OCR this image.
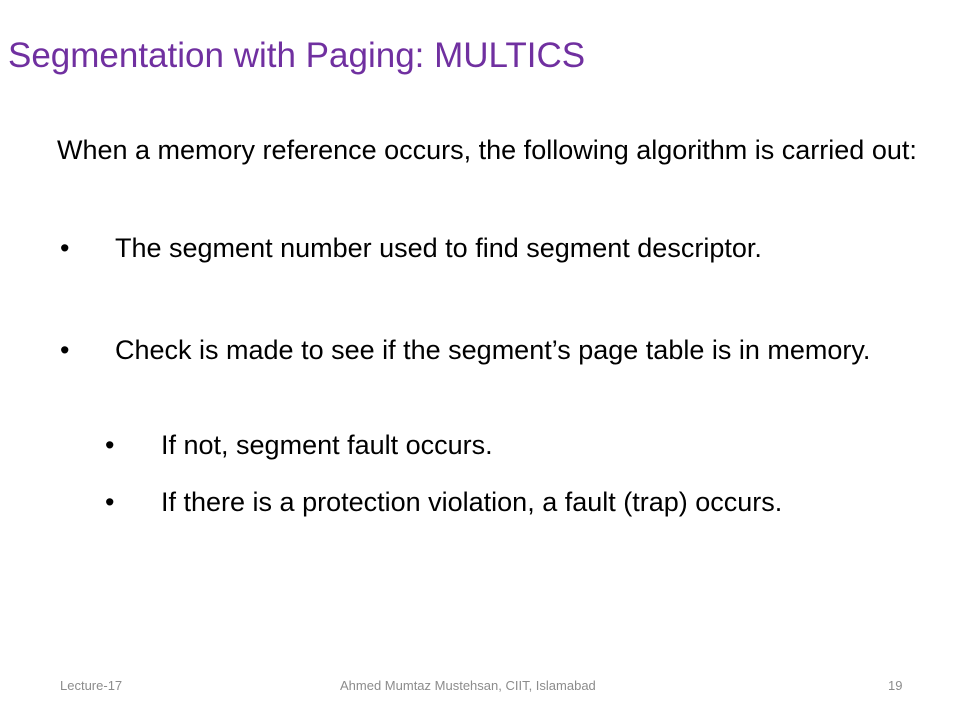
Segmentation with Paging: MULTICS

When a memory reference occurs, the following algorithm is carried out:

•	The segment number used to find segment descriptor.
•	Check is made to see if the segment’s page table is in memory.
•	If not, segment fault occurs.
•	If there is a protection violation, a fault (trap) occurs.
Lecture-17	Ahmed Mumtaz Mustehsan, CIIT, Islamabad	19
